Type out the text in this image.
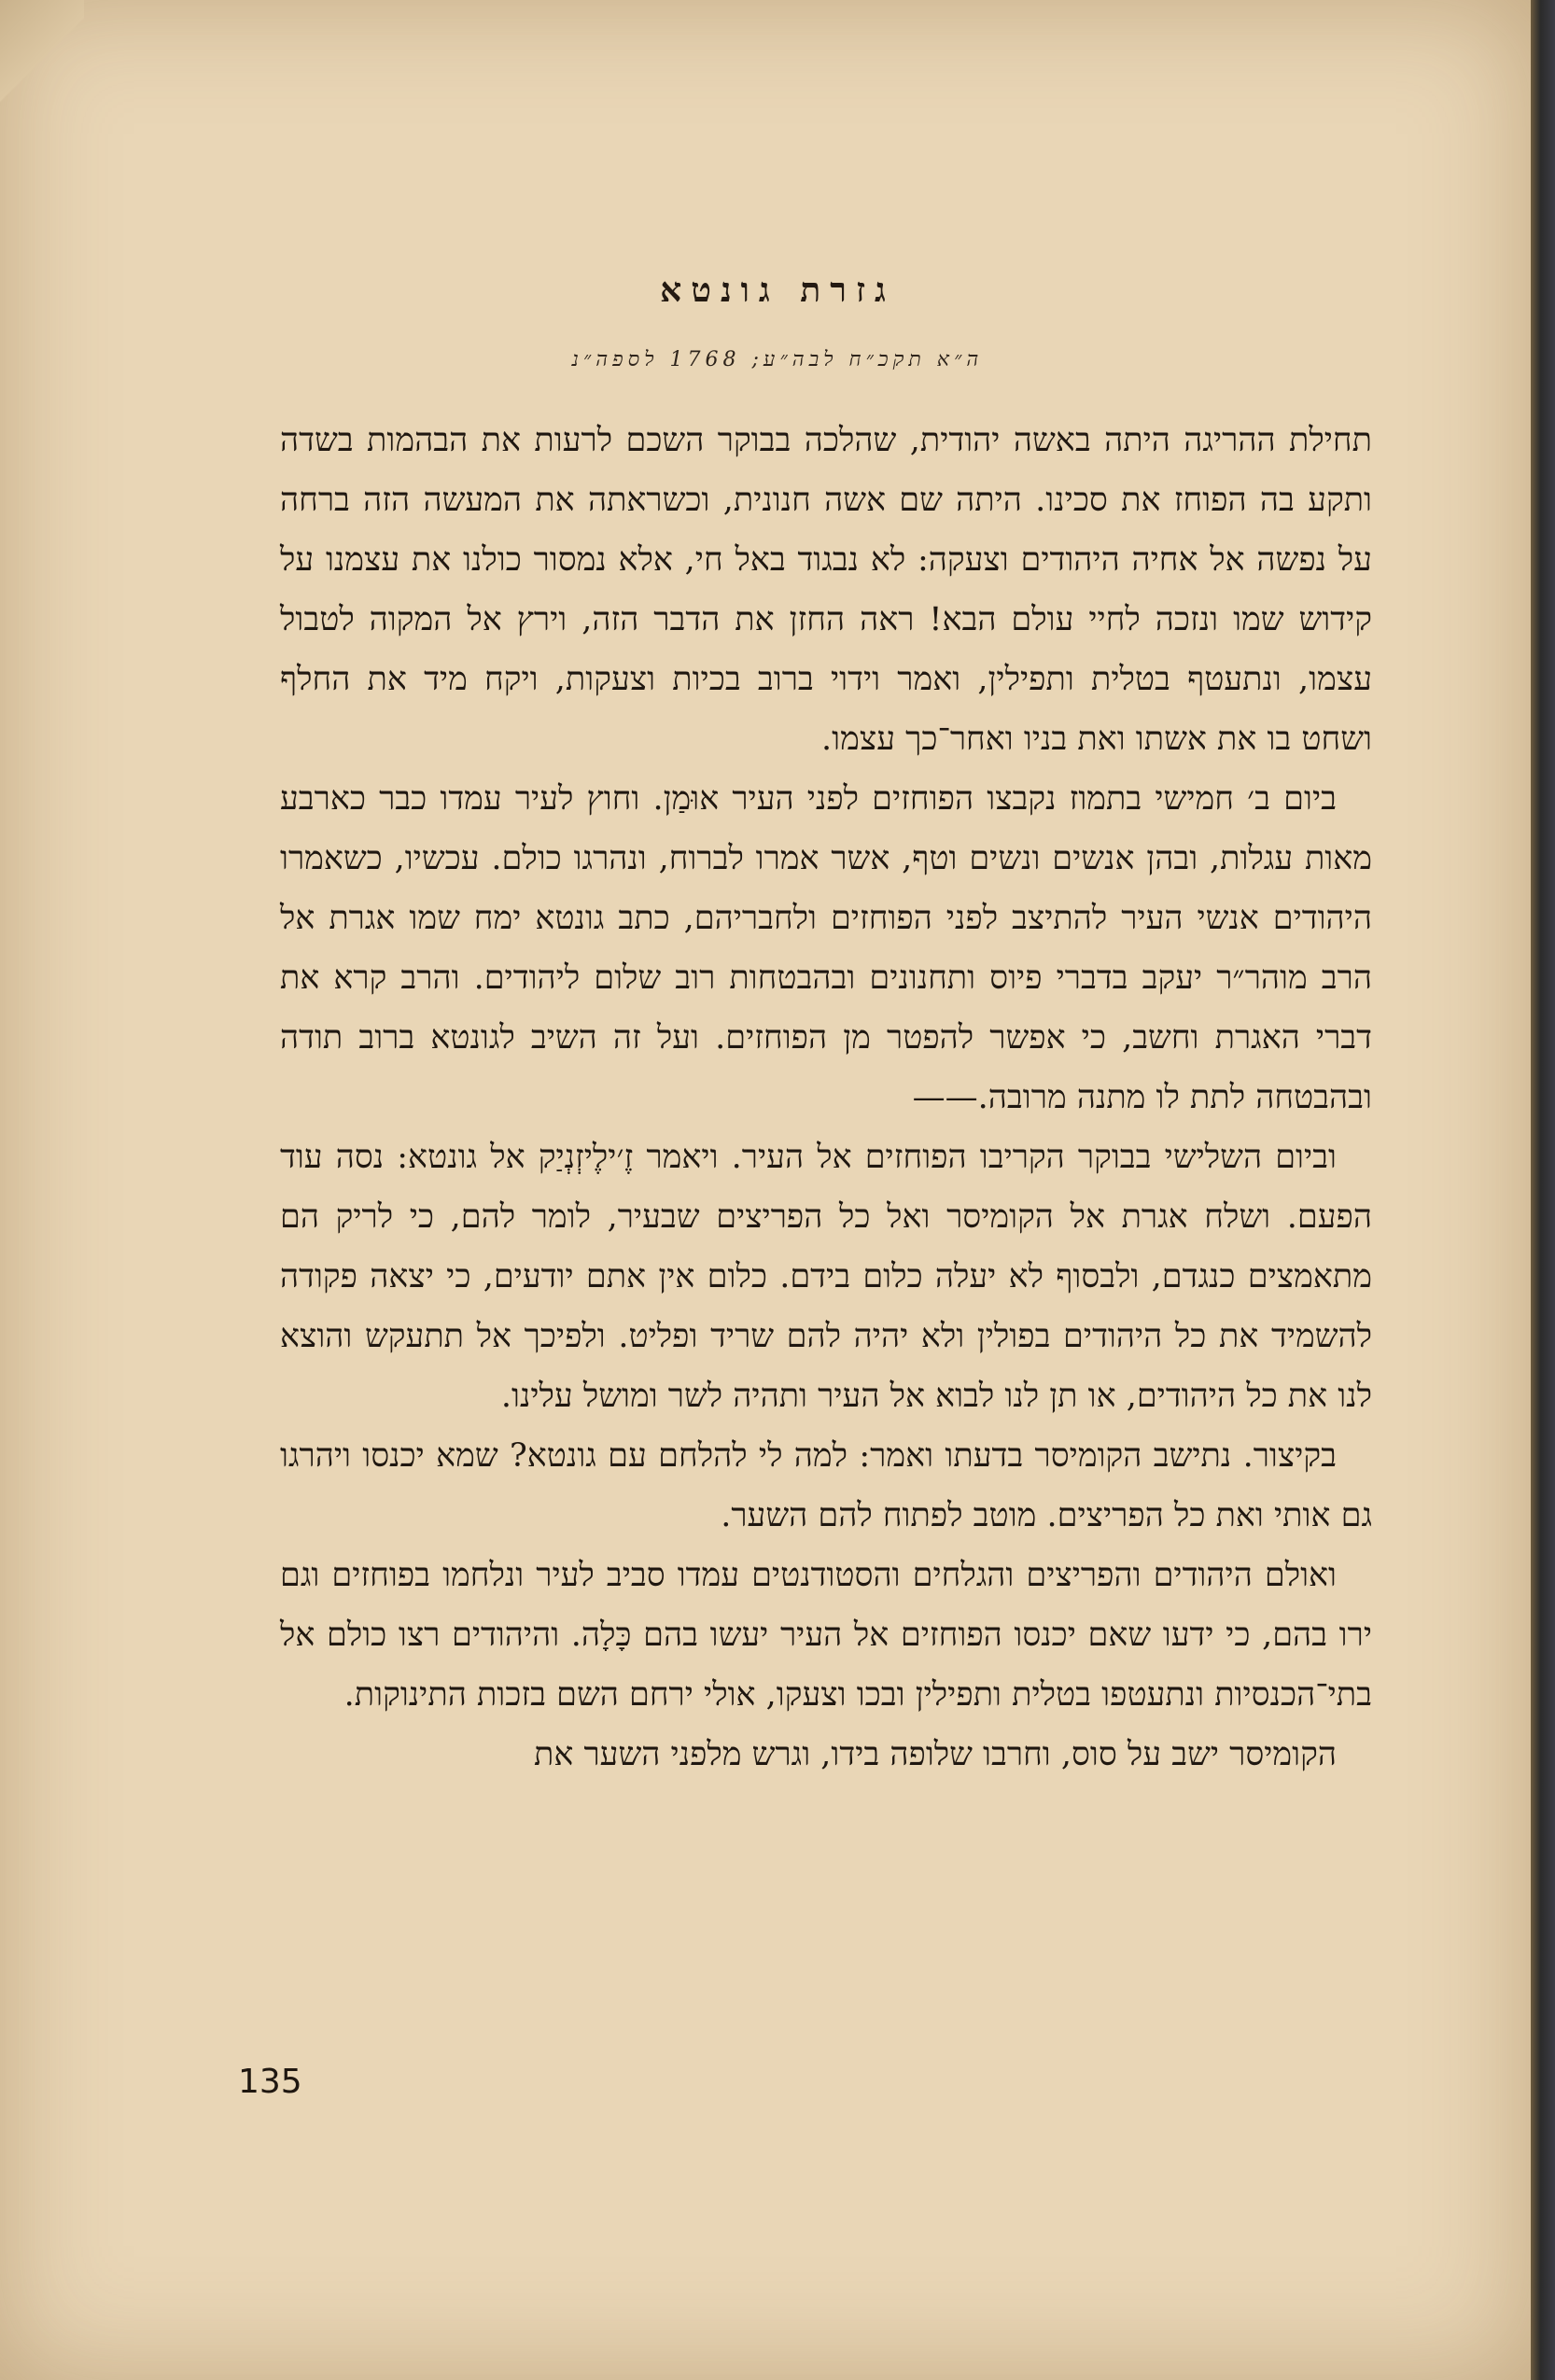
גזרת גונטא
ה״א תקכ״ח לבה״ע; 1768 לספה״נ

תחילת ההריגה היתה באשה יהודית, שהלכה בבוקר השכם לרעות את הבהמות בשדה ותקע בה הפוחז את סכינו. היתה שם אשה חנונית, וכשראתה את המעשה הזה ברחה על נפשה אל אחיה היהודים וצעקה: לא נבגוד באל חי, אלא נמסור כולנו את עצמנו על קידוש שמו ונזכה לחיי עולם הבא! ראה החזן את הדבר הזה, וירץ אל המקוה לטבול עצמו, ונתעטף בטלית ותפילין, ואמר וידוי ברוב בכיות וצעקות, ויקח מיד את החלף ושחט בו את אשתו ואת בניו ואחר־כך עצמו.

ביום ב׳ חמישי בתמוז נקבצו הפוחזים לפני העיר אוּמַן. וחוץ לעיר עמדו כבר כארבע מאות עגלות, ובהן אנשים ונשים וטף, אשר אמרו לברוח, ונהרגו כולם. עכשיו, כשאמרו היהודים אנשי העיר להתיצב לפני הפוחזים ולחבריהם, כתב גונטא ימח שמו אגרת אל הרב מוהר״ר יעקב בדברי פיוס ותחנונים ובהבטחות רוב שלום ליהודים. והרב קרא את דברי האגרת וחשב, כי אפשר להפטר מן הפוחזים. ועל זה השיב לגונטא ברוב תודה ובהבטחה לתת לו מתנה מרובה.——

וביום השלישי בבוקר הקריבו הפוחזים אל העיר. ויאמר זֶ׳ילֶיזְנְיַק אל גונטא: נסה עוד הפעם. ושלח אגרת אל הקומיסר ואל כל הפריצים שבעיר, לומר להם, כי לריק הם מתאמצים כנגדם, ולבסוף לא יעלה כלום בידם. כלום אין אתם יודעים, כי יצאה פקודה להשמיד את כל היהודים בפולין ולא יהיה להם שריד ופליט. ולפיכך אל תתעקש והוצא לנו את כל היהודים, או תן לנו לבוא אל העיר ותהיה לשר ומושל עלינו.

בקיצור. נתישב הקומיסר בדעתו ואמר: למה לי להלחם עם גונטא? שמא יכנסו ויהרגו גם אותי ואת כל הפריצים. מוטב לפתוח להם השער.

ואולם היהודים והפריצים והגלחים והסטודנטים עמדו סביב לעיר ונלחמו בפוחזים וגם ירו בהם, כי ידעו שאם יכנסו הפוחזים אל העיר יעשו בהם כָּלָה. והיהודים רצו כולם אל בתי־הכנסיות ונתעטפו בטלית ותפילין ובכו וצעקו, אולי ירחם השם בזכות התינוקות.

הקומיסר ישב על סוס, וחרבו שלופה בידו, וגרש מלפני השער את

135
